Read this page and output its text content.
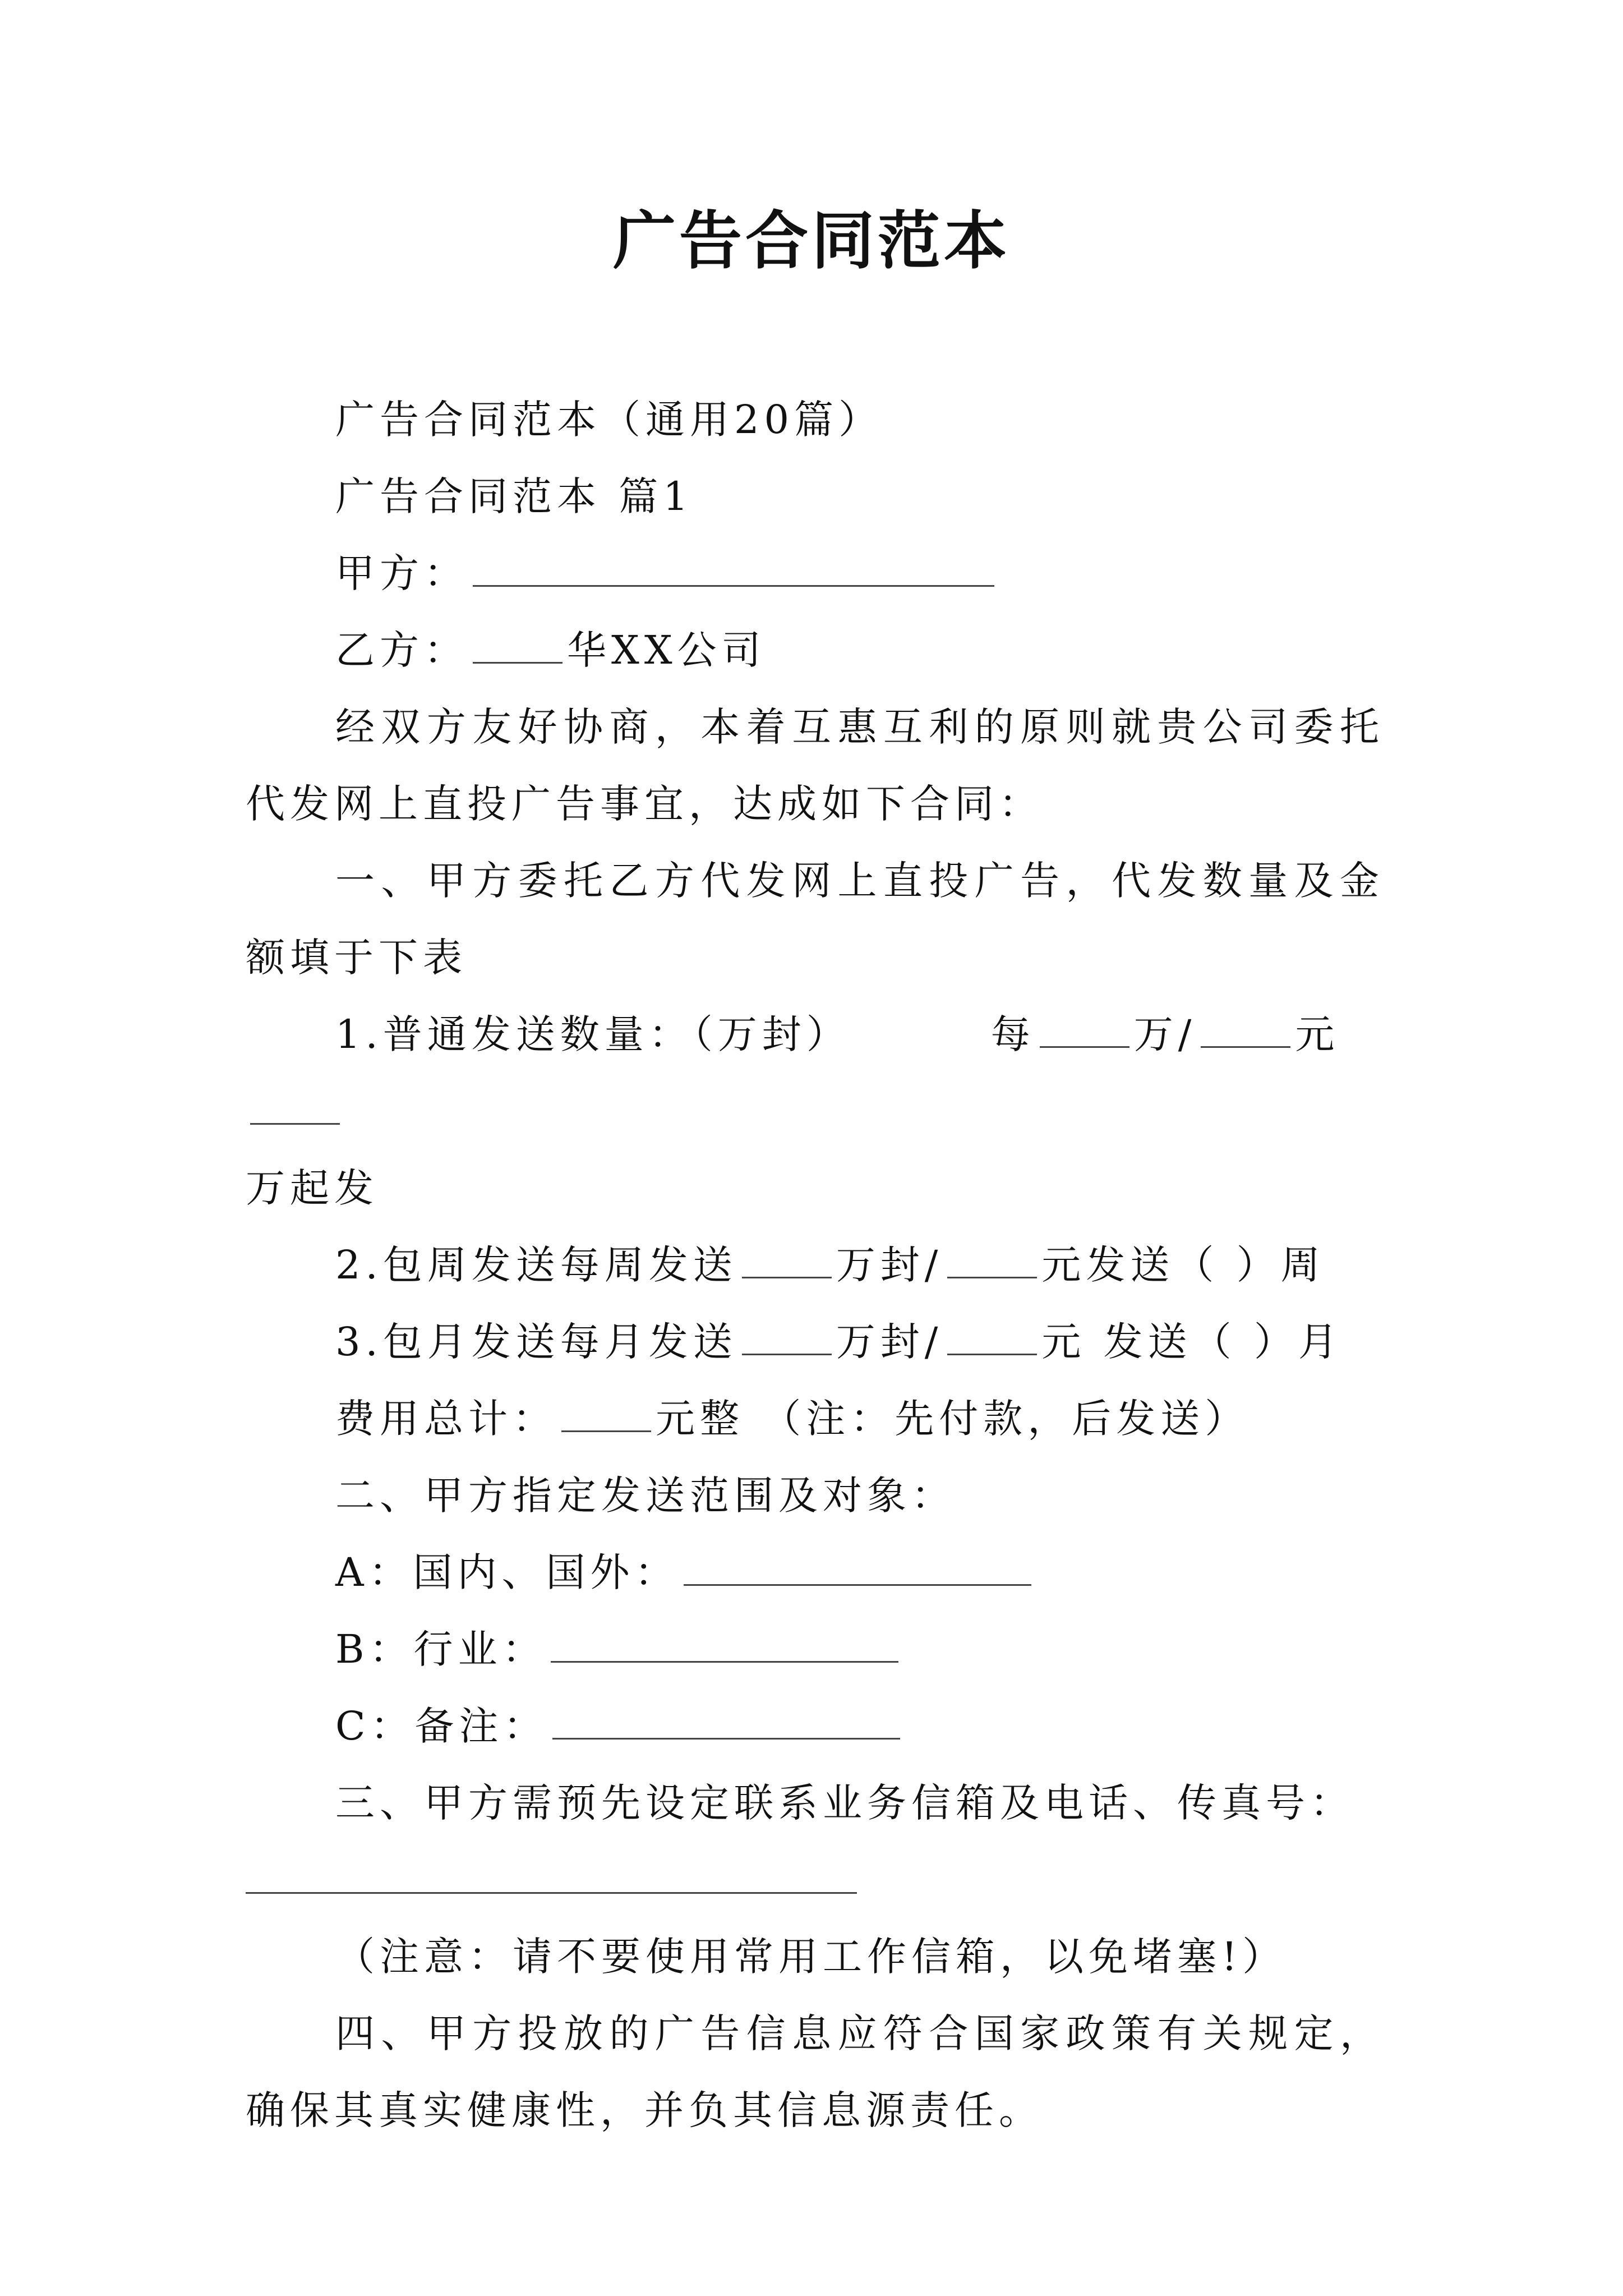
广告合同范本

广告合同范本（通用20篇）

广告合同范本 篇1

甲方：

乙方：	华XX公司

经双方友好协商，本着互惠互利的原则就贵公司委托代发网上直投广告事宜，达成如下合同：

一、甲方委托乙方代发网上直投广告，代发数量及金额填于下表

1.普通发送数量：（万封）	每	万/	元
万起发

2.包周发送每周发送	万封/	元发送（ ）周

3.包月发送每月发送	万封/	元 发送（ ）月

费用总计：	元整 （注：先付款，后发送）

二、甲方指定发送范围及对象：

A：国内、国外：

B：行业：

C：备注：

三、甲方需预先设定联系业务信箱及电话、传真号：

（注意：请不要使用常用工作信箱，以免堵塞!）

四、甲方投放的广告信息应符合国家政策有关规定，确保其真实健康性，并负其信息源责任。
